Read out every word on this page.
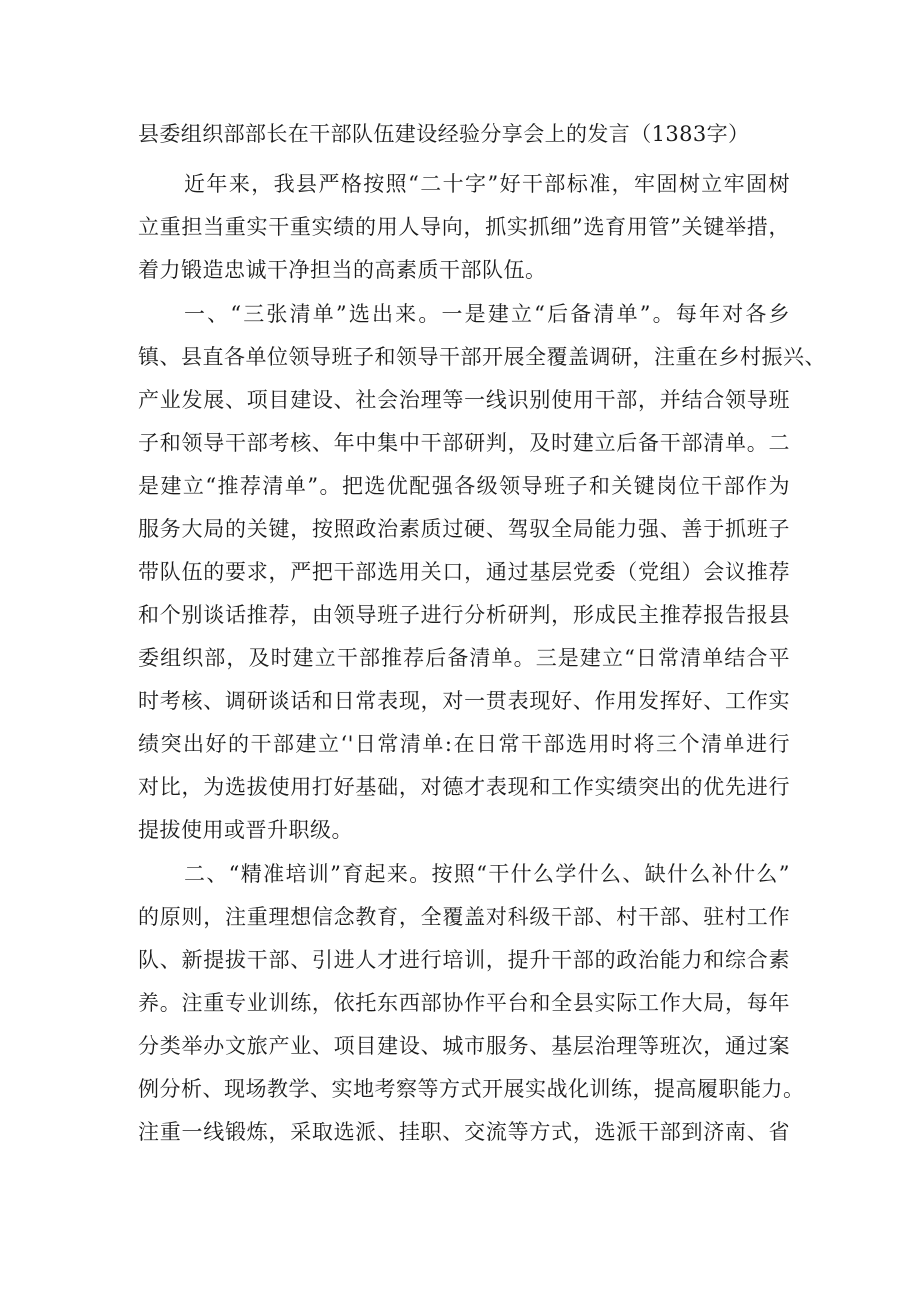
县委组织部部长在干部队伍建设经验分享会上的发言（1383字）
近年来，我县严格按照“二十字”好干部标准，牢固树立牢固树
立重担当重实干重实绩的用人导向，抓实抓细”选育用管”关键举措，
着力锻造忠诚干净担当的高素质干部队伍。
一、“三张清单”选出来。一是建立“后备清单”。每年对各乡
镇、县直各单位领导班子和领导干部开展全覆盖调研，注重在乡村振兴、
产业发展、项目建设、社会治理等一线识别使用干部，并结合领导班
子和领导干部考核、年中集中干部研判，及时建立后备干部清单。二
是建立“推荐清单”。把选优配强各级领导班子和关键岗位干部作为
服务大局的关键，按照政治素质过硬、驾驭全局能力强、善于抓班子
带队伍的要求，严把干部选用关口，通过基层党委（党组）会议推荐
和个别谈话推荐，由领导班子进行分析研判，形成民主推荐报告报县
委组织部，及时建立干部推荐后备清单。三是建立“日常清单结合平
时考核、调研谈话和日常表现，对一贯表现好、作用发挥好、工作实
绩突出好的干部建立‘'日常清单:在日常干部选用时将三个清单进行
对比，为选拔使用打好基础，对德才表现和工作实绩突出的优先进行
提拔使用或晋升职级。
二、“精准培训”育起来。按照“干什么学什么、缺什么补什么”
的原则，注重理想信念教育，全覆盖对科级干部、村干部、驻村工作
队、新提拔干部、引进人才进行培训，提升干部的政治能力和综合素
养。注重专业训练，依托东西部协作平台和全县实际工作大局，每年
分类举办文旅产业、项目建设、城市服务、基层治理等班次，通过案
例分析、现场教学、实地考察等方式开展实战化训练，提高履职能力。
注重一线锻炼，采取选派、挂职、交流等方式，选派干部到济南、省
